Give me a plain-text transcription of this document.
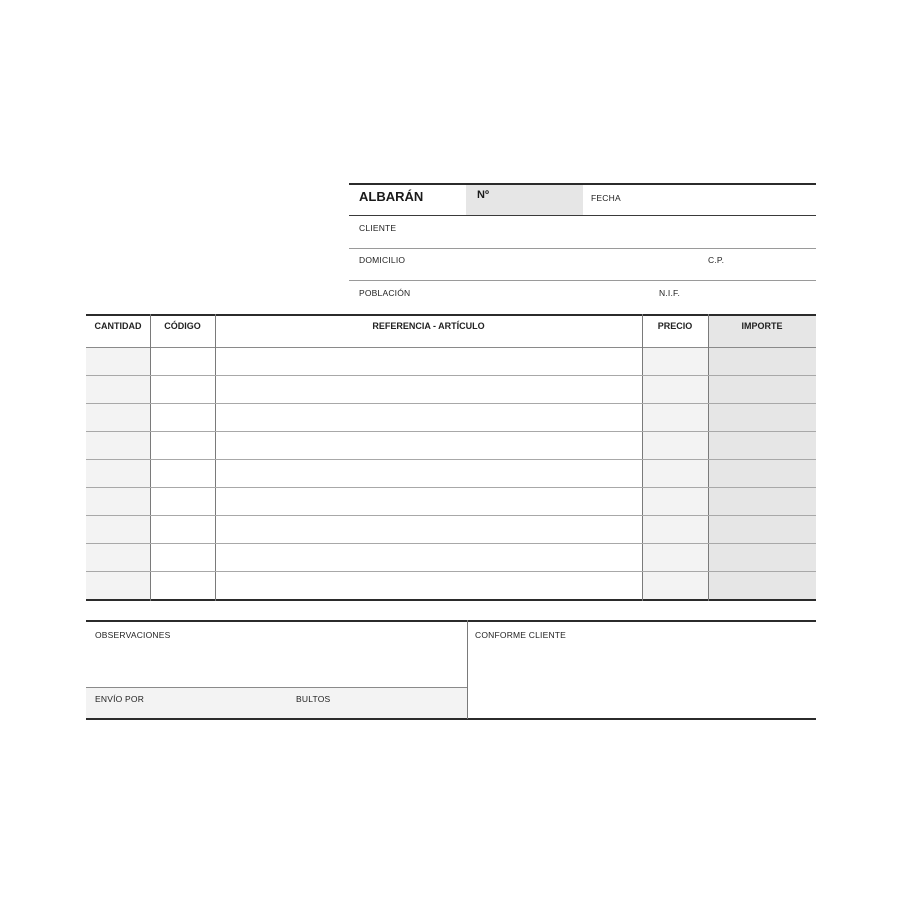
ALBARÁN	Nº	FECHA
CLIENTE
DOMICILIO	C.P.
POBLACIÓN	N.I.F.
CANTIDAD	CÓDIGO	REFERENCIA - ARTÍCULO	PRECIO	IMPORTE
OBSERVACIONES
ENVÍO POR	BULTOS
CONFORME CLIENTE
